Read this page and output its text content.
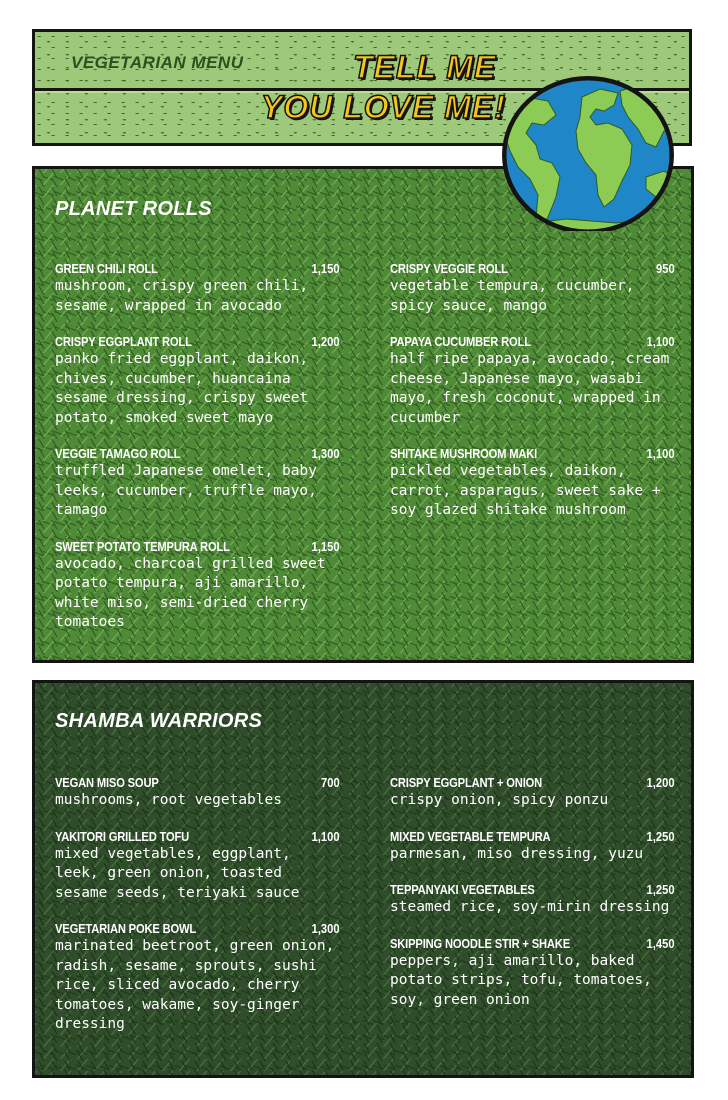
VEGETARIAN MENU	TELL ME
YOU LOVE ME!
PLANET ROLLS
GREEN CHILI ROLL	1,150
mushroom, crispy green chili, sesame, wrapped in avocado
CRISPY EGGPLANT ROLL	1,200
panko fried eggplant, daikon, chives, cucumber, huancaina sesame dressing, crispy sweet potato, smoked sweet mayo
VEGGIE TAMAGO ROLL	1,300
truffled Japanese omelet, baby leeks, cucumber, truffle mayo, tamago
SWEET POTATO TEMPURA ROLL	1,150
avocado, charcoal grilled sweet potato tempura, aji amarillo, white miso, semi-dried cherry tomatoes
CRISPY VEGGIE ROLL	950
vegetable tempura, cucumber, spicy sauce, mango
PAPAYA CUCUMBER ROLL	1,100
half ripe papaya, avocado, cream cheese, Japanese mayo, wasabi mayo, fresh coconut, wrapped in cucumber
SHITAKE MUSHROOM MAKI	1,100
pickled vegetables, daikon, carrot, asparagus, sweet sake + soy glazed shitake mushroom
SHAMBA WARRIORS
VEGAN MISO SOUP	700
mushrooms, root vegetables
YAKITORI GRILLED TOFU	1,100
mixed vegetables, eggplant, leek, green onion, toasted sesame seeds, teriyaki sauce
VEGETARIAN POKE BOWL	1,300
marinated beetroot, green onion, radish, sesame, sprouts, sushi rice, sliced avocado, cherry tomatoes, wakame, soy-ginger dressing
CRISPY EGGPLANT + ONION	1,200
crispy onion, spicy ponzu
MIXED VEGETABLE TEMPURA	1,250
parmesan, miso dressing, yuzu
TEPPANYAKI VEGETABLES	1,250
steamed rice, soy-mirin dressing
SKIPPING NOODLE STIR + SHAKE	1,450
peppers, aji amarillo, baked potato strips, tofu, tomatoes, soy, green onion
